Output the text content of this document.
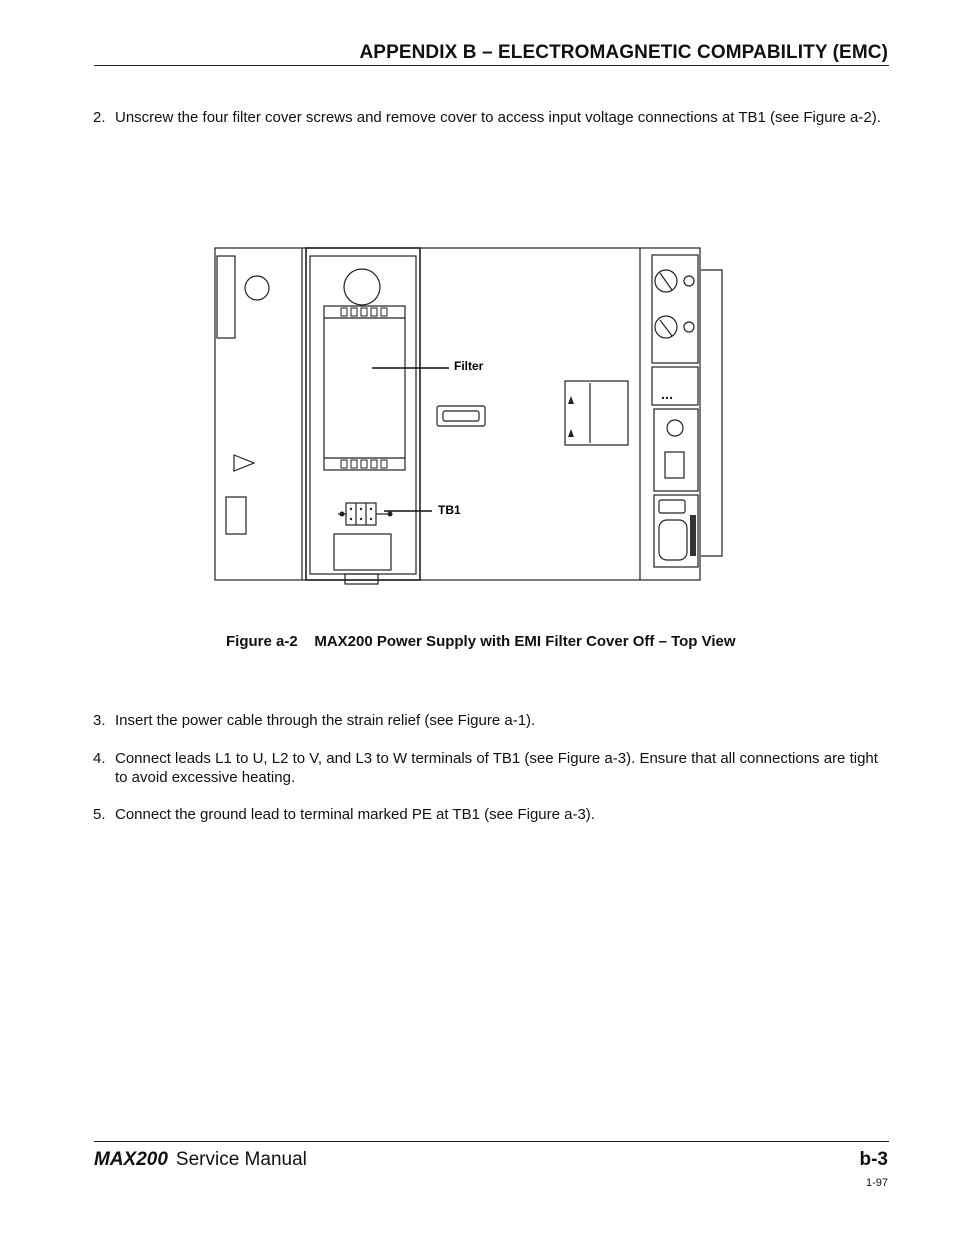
APPENDIX B – ELECTROMAGNETIC COMPABILITY (EMC)
2. Unscrew the four filter cover screws and remove cover to access input voltage connections at TB1 (see Figure a-2).
Filter
TB1
Figure a-2    MAX200 Power Supply with EMI Filter Cover Off – Top View
3. Insert the power cable through the strain relief (see Figure a-1).
4. Connect leads L1 to U, L2 to V, and L3 to W terminals of TB1 (see Figure a-3). Ensure that all connections are tight to avoid excessive heating.
5. Connect the ground lead to terminal marked PE at TB1 (see Figure a-3).
MAX200 Service Manual	b-3
1-97
